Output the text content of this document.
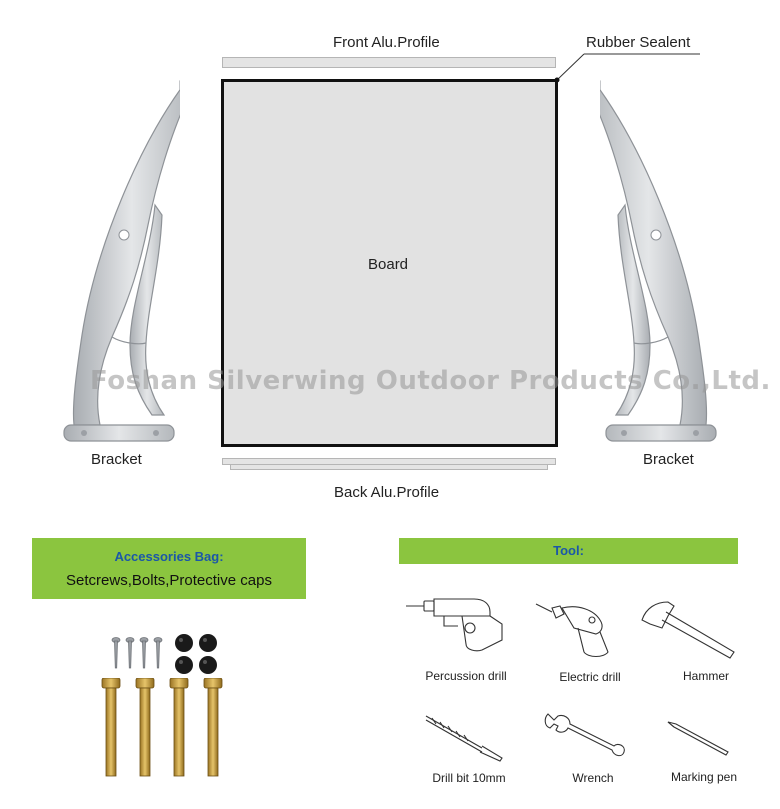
Front Alu.Profile	Rubber Sealent
Board
Back Alu.Profile
Bracket	Bracket
Foshan Silverwing Outdoor Products Co.,Ltd.
Accessories Bag:
Setcrews,Bolts,Protective caps
Tool:
Percussion drill	Electric drill	Hammer
Drill bit 10mm	Wrench	Marking pen
